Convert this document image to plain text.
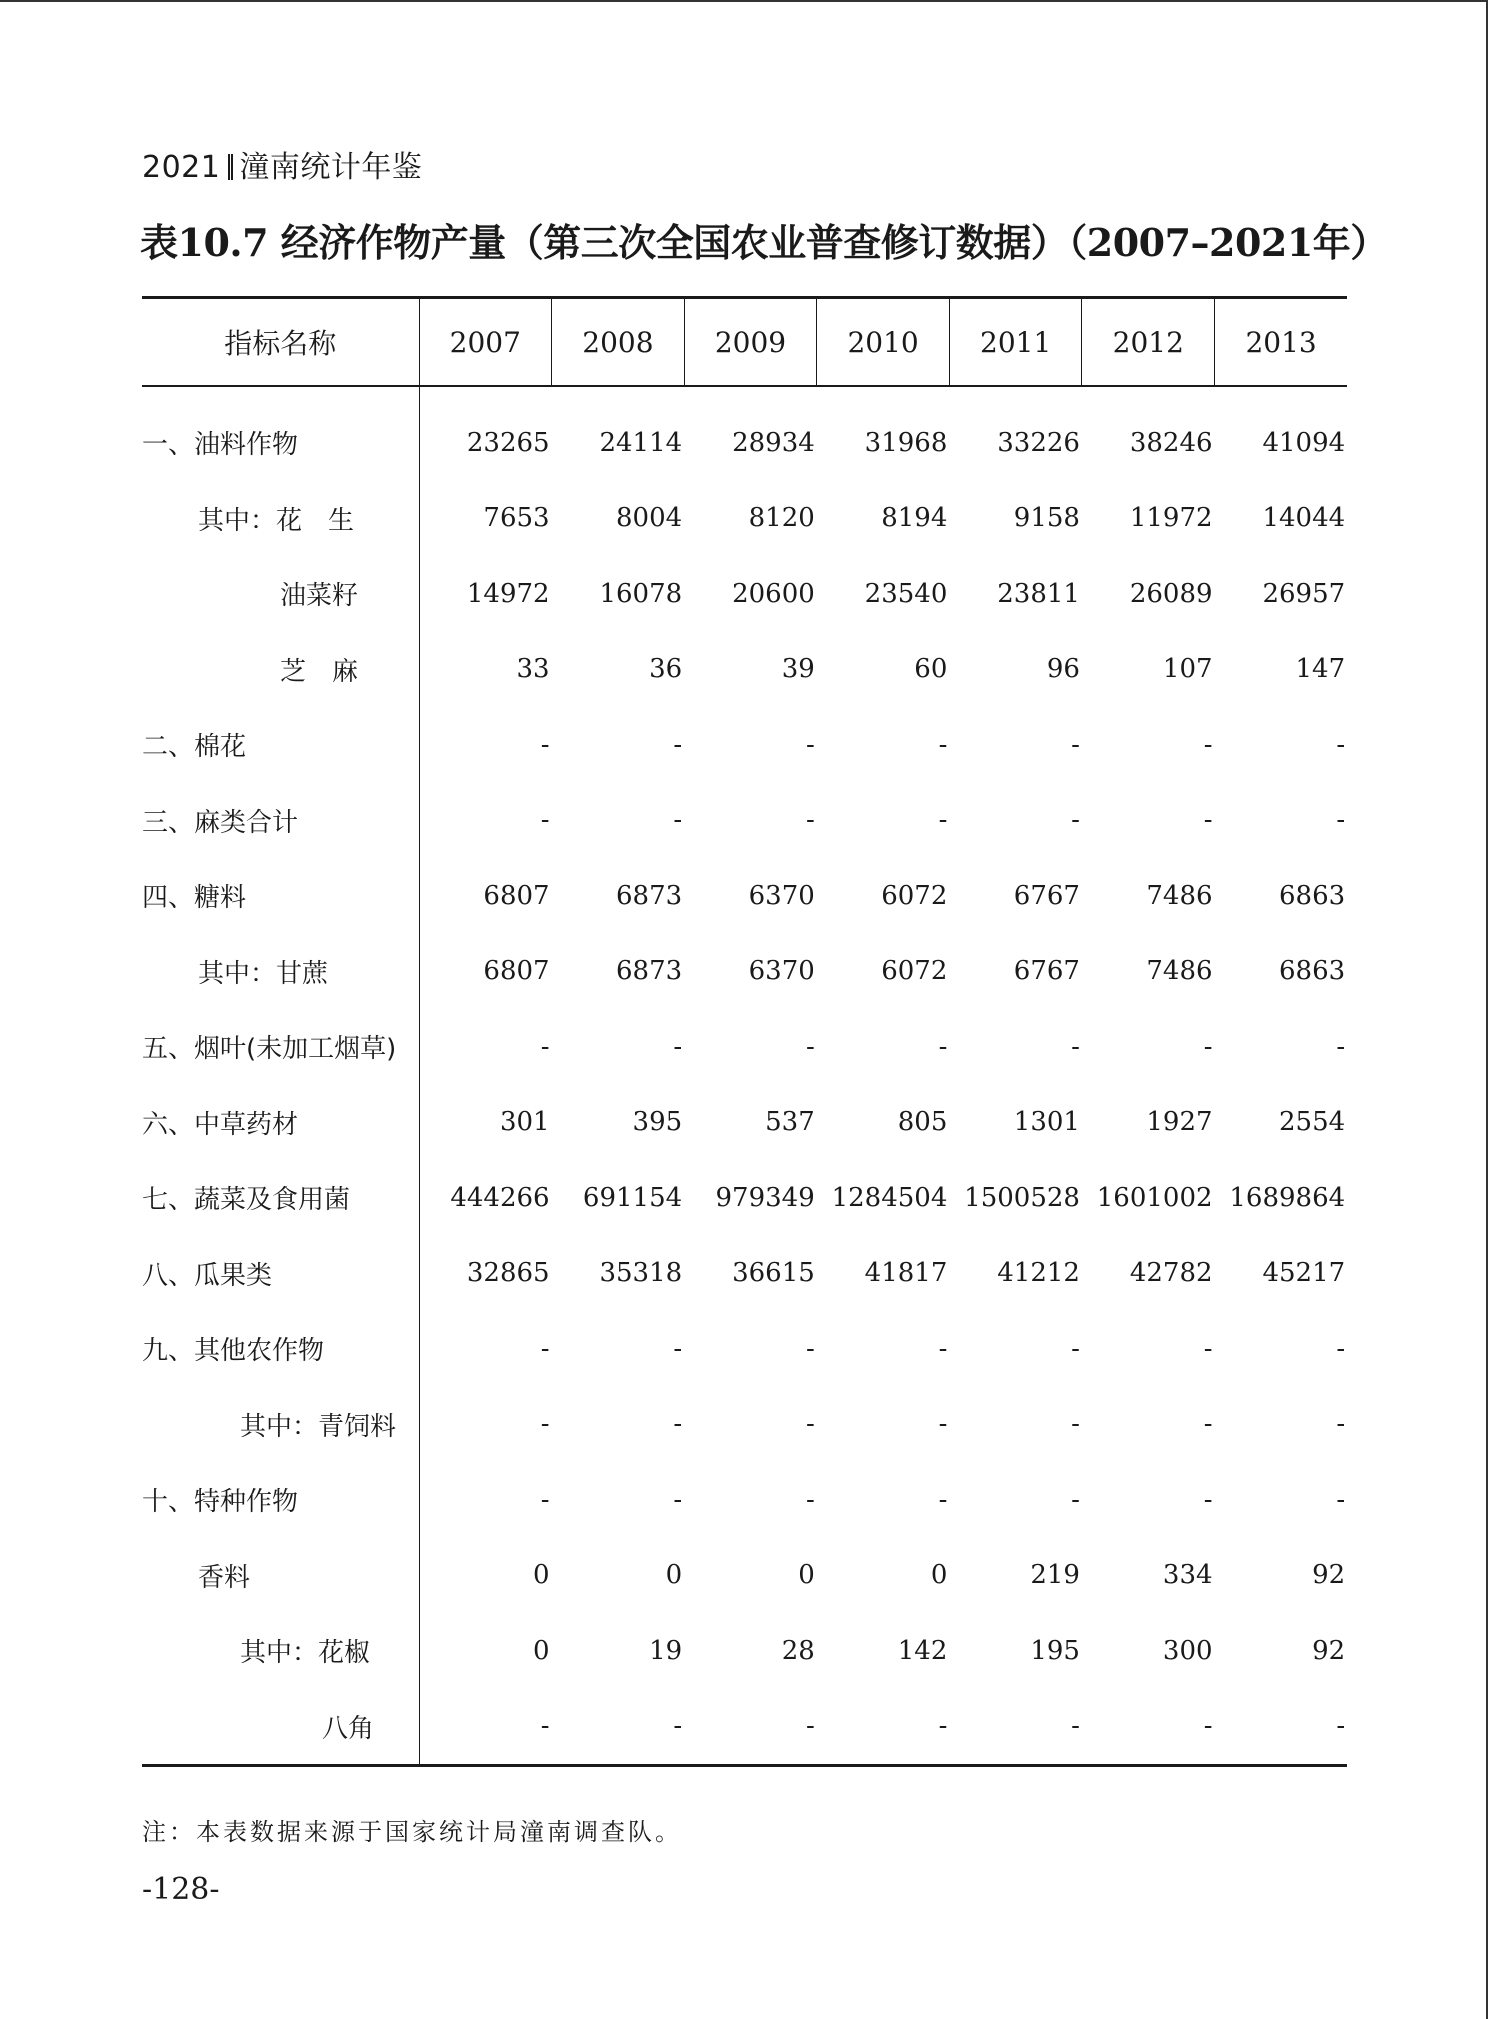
2021 潼南统计年鉴
表10.7 经济作物产量（第三次全国农业普查修订数据）（2007–2021年）
指标名称	2007	2008	2009	2010	2011	2012	2013

一、油料作物	23265	24114	28934	31968	33226	38246	41094
其中：花　生	7653	8004	8120	8194	9158	11972	14044
油菜籽	14972	16078	20600	23540	23811	26089	26957
芝　麻	33	36	39	60	96	107	147
二、棉花	-	-	-	-	-	-	-
三、麻类合计	-	-	-	-	-	-	-
四、糖料	6807	6873	6370	6072	6767	7486	6863
其中：甘蔗	6807	6873	6370	6072	6767	7486	6863
五、烟叶(未加工烟草)	-	-	-	-	-	-	-
六、中草药材	301	395	537	805	1301	1927	2554
七、蔬菜及食用菌	444266	691154	979349	1284504	1500528	1601002	1689864
八、瓜果类	32865	35318	36615	41817	41212	42782	45217
九、其他农作物	-	-	-	-	-	-	-
其中：青饲料	-	-	-	-	-	-	-
十、特种作物	-	-	-	-	-	-	-
香料	0	0	0	0	219	334	92
其中：花椒	0	19	28	142	195	300	92
八角	-	-	-	-	-	-	-
注：本表数据来源于国家统计局潼南调查队。
-128-
